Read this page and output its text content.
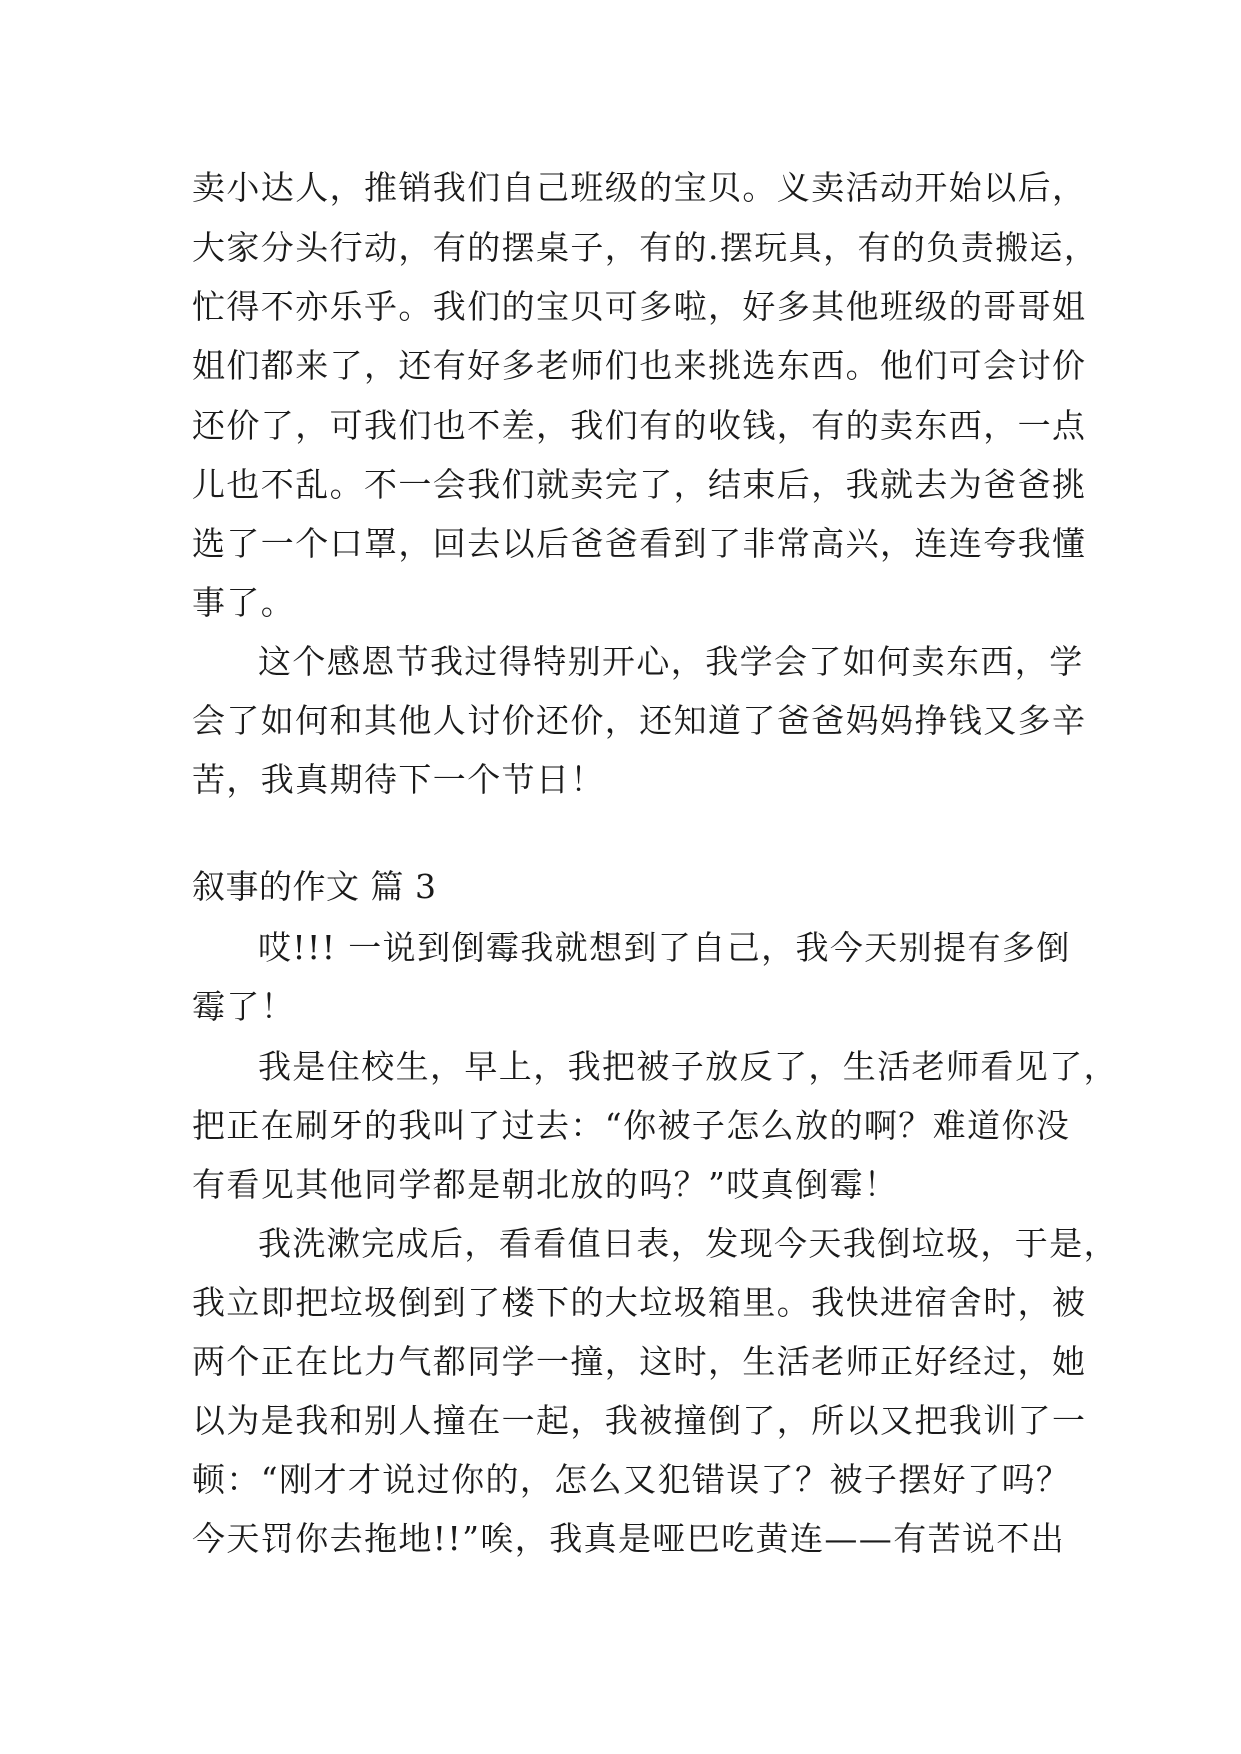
卖小达人，推销我们自己班级的宝贝。义卖活动开始以后，
大家分头行动，有的摆桌子，有的.摆玩具，有的负责搬运，
忙得不亦乐乎。我们的宝贝可多啦，好多其他班级的哥哥姐
姐们都来了，还有好多老师们也来挑选东西。他们可会讨价
还价了，可我们也不差，我们有的收钱，有的卖东西，一点
儿也不乱。不一会我们就卖完了，结束后，我就去为爸爸挑
选了一个口罩，回去以后爸爸看到了非常高兴，连连夸我懂
事了。
这个感恩节我过得特别开心，我学会了如何卖东西，学
会了如何和其他人讨价还价，还知道了爸爸妈妈挣钱又多辛
苦，我真期待下一个节日！
叙事的作文 篇 3
哎!!! 一说到倒霉我就想到了自己，我今天别提有多倒
霉了！
我是住校生，早上，我把被子放反了，生活老师看见了，
把正在刷牙的我叫了过去：“你被子怎么放的啊？难道你没
有看见其他同学都是朝北放的吗？”哎真倒霉！
我洗漱完成后，看看值日表，发现今天我倒垃圾，于是，
我立即把垃圾倒到了楼下的大垃圾箱里。我快进宿舍时，被
两个正在比力气都同学一撞，这时，生活老师正好经过，她
以为是我和别人撞在一起，我被撞倒了，所以又把我训了一
顿：“刚才才说过你的，怎么又犯错误了？被子摆好了吗？
今天罚你去拖地!!”唉，我真是哑巴吃黄连——有苦说不出
